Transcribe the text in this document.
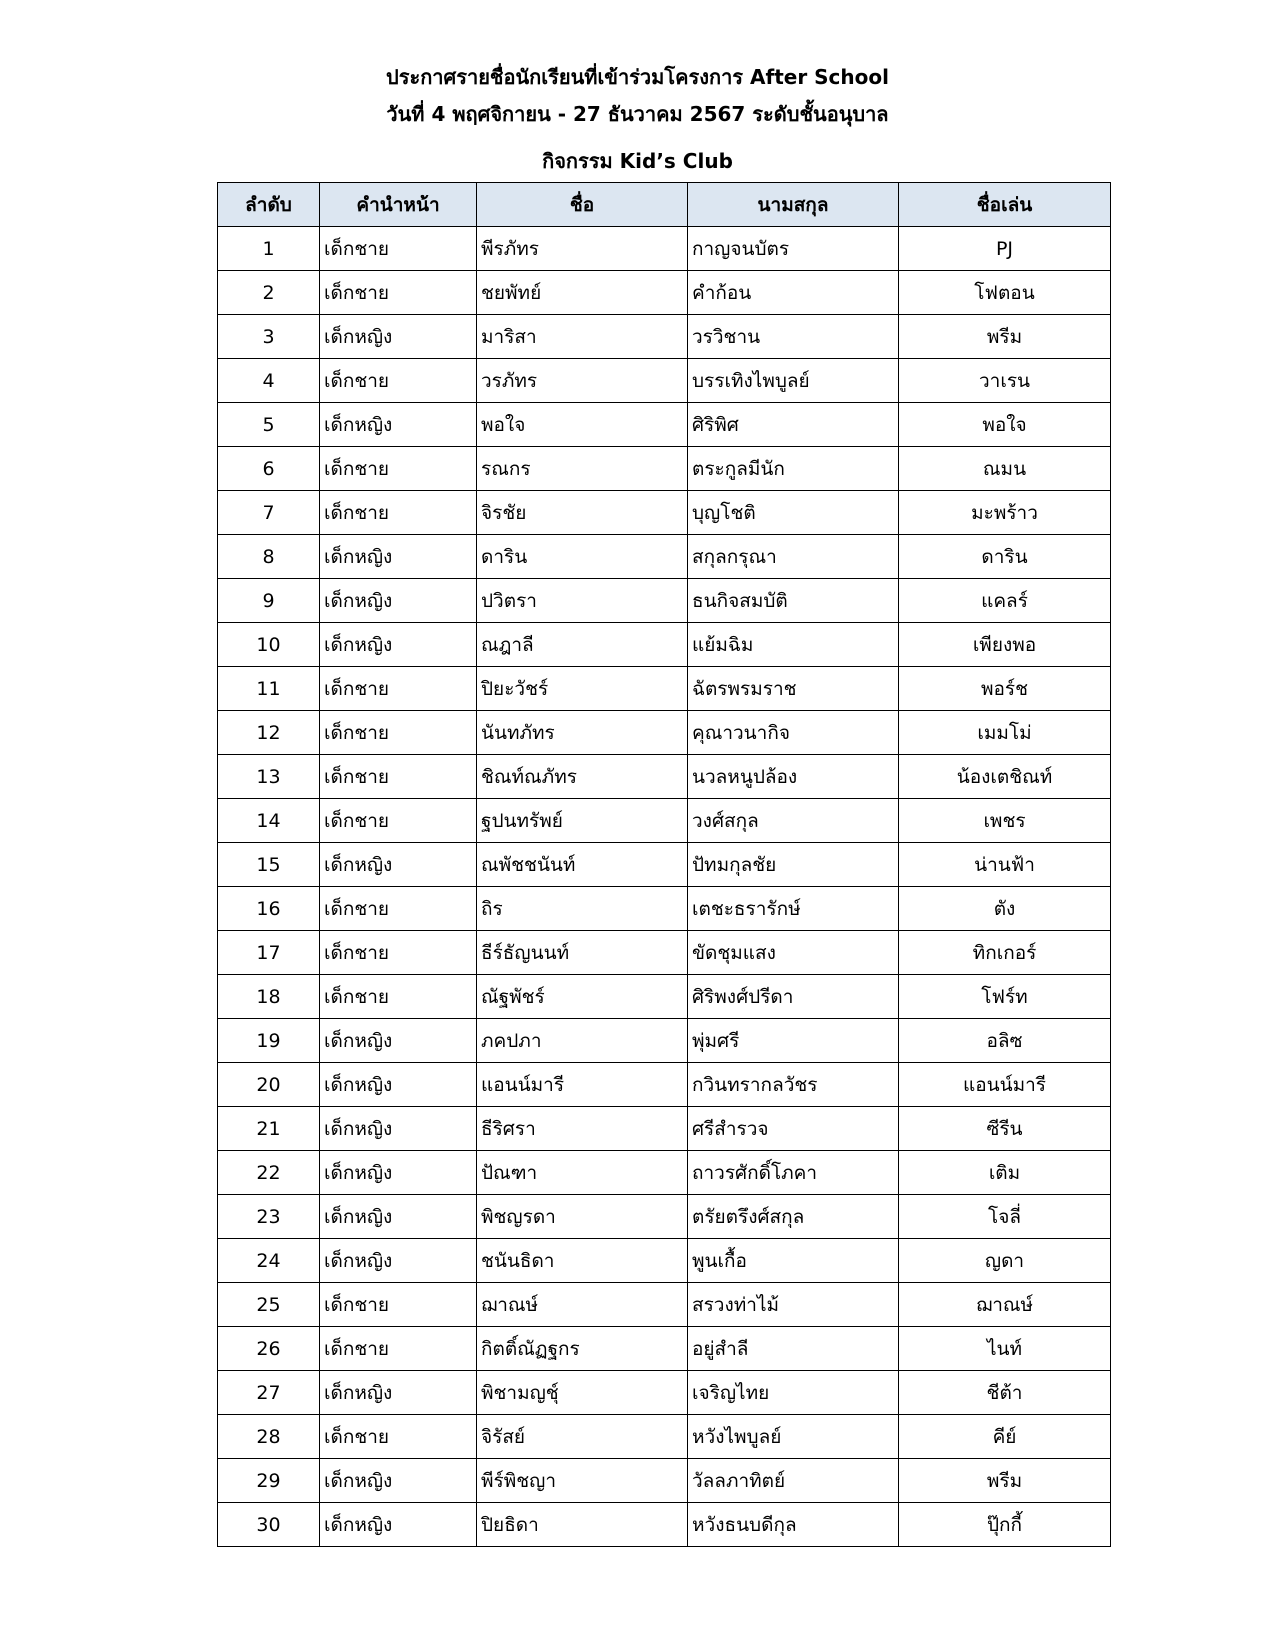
ประกาศรายชื่อนักเรียนที่เข้าร่วมโครงการ After School
วันที่ 4 พฤศจิกายน - 27 ธันวาคม 2567 ระดับชั้นอนุบาล
กิจกรรม Kid’s Club
ลำดับ	คำนำหน้า	ชื่อ	นามสกุล	ชื่อเล่น
1	เด็กชาย	พีรภัทร	กาญจนบัตร	PJ
2	เด็กชาย	ชยพัทย์	คำก้อน	โฟตอน
3	เด็กหญิง	มาริสา	วรวิชาน	พรีม
4	เด็กชาย	วรภัทร	บรรเทิงไพบูลย์	วาเรน
5	เด็กหญิง	พอใจ	ศิริพิศ	พอใจ
6	เด็กชาย	รณกร	ตระกูลมีนัก	ณมน
7	เด็กชาย	จิรชัย	บุญโชติ	มะพร้าว
8	เด็กหญิง	ดาริน	สกุลกรุณา	ดาริน
9	เด็กหญิง	ปวิตรา	ธนกิจสมบัติ	แคลร์
10	เด็กหญิง	ณฎาลี	แย้มฉิม	เพียงพอ
11	เด็กชาย	ปิยะวัชร์	ฉัตรพรมราช	พอร์ช
12	เด็กชาย	นันทภัทร	คุณาวนากิจ	เมมโม่
13	เด็กชาย	ชิณท์ณภัทร	นวลหนูปล้อง	น้องเตชิณท์
14	เด็กชาย	ฐปนทรัพย์	วงศ์สกุล	เพชร
15	เด็กหญิง	ณพัชชนันท์	ปัทมกุลชัย	น่านฟ้า
16	เด็กชาย	ถิร	เตชะธรารักษ์	ตัง
17	เด็กชาย	ธีร์ธัญนนท์	ขัดชุมแสง	ทิกเกอร์
18	เด็กชาย	ณัฐพัชร์	ศิริพงศ์ปรีดา	โฟร์ท
19	เด็กหญิง	ภคปภา	พุ่มศรี	อลิซ
20	เด็กหญิง	แอนน์มารี	กวินทรากลวัชร	แอนน์มารี
21	เด็กหญิง	ธีริศรา	ศรีสำรวจ	ซีรีน
22	เด็กหญิง	ปัณฑา	ถาวรศักดิ์โภคา	เติม
23	เด็กหญิง	พิชญรดา	ตรัยตรึงศ์สกุล	โจลี่
24	เด็กหญิง	ชนันธิดา	พูนเกื้อ	ญดา
25	เด็กชาย	ฌาณษ์	สรวงท่าไม้	ฌาณษ์
26	เด็กชาย	กิตติ์ณัฏฐกร	อยู่สำลี	ไนท์
27	เด็กหญิง	พิชามญชุ์	เจริญไทย	ชีต้า
28	เด็กชาย	จิรัสย์	หวังไพบูลย์	คีย์
29	เด็กหญิง	พีร์พิชญา	วัลลภาทิตย์	พรีม
30	เด็กหญิง	ปิยธิดา	หวังธนบดีกุล	ปุ๊กกี้
